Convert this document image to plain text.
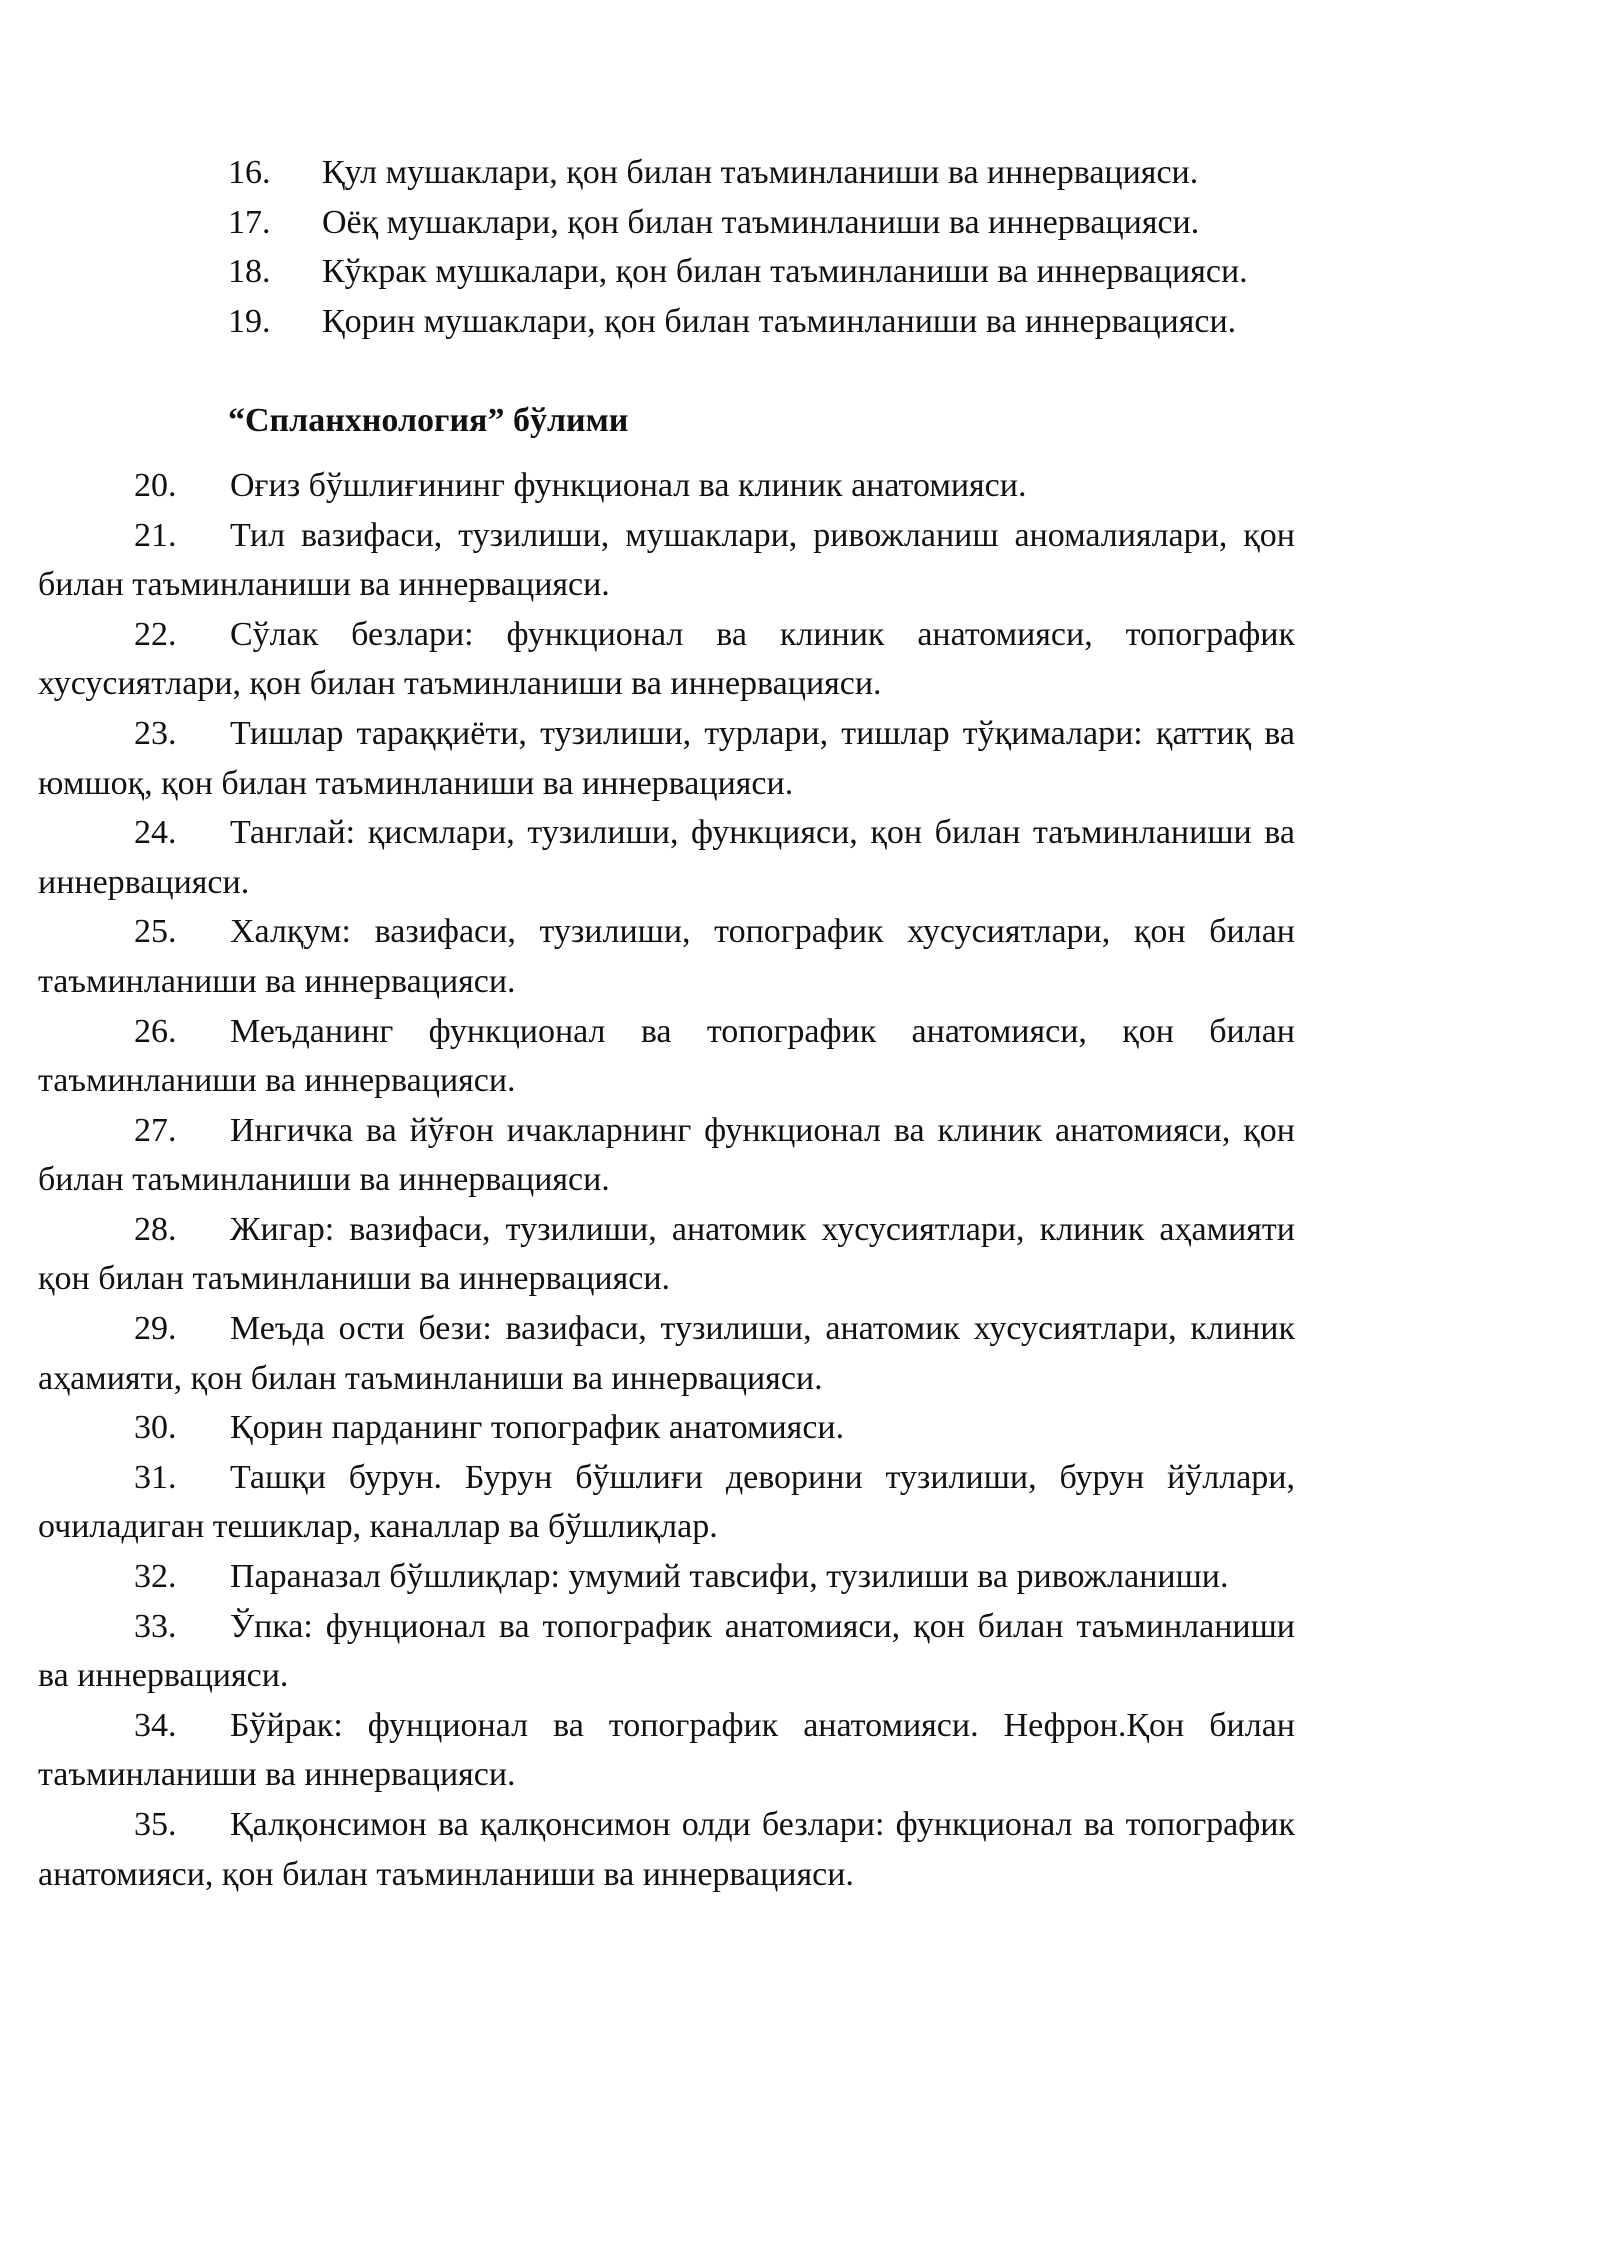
16. Қул мушаклари, қон билан таъминланиши ва иннервацияси.

17. Оёқ мушаклари, қон билан таъминланиши ва иннервацияси.

18. Кўкрак мушкалари, қон билан таъминланиши ва иннервацияси.

19. Қорин мушаклари, қон билан таъминланиши ва иннервацияси.

“Спланхнология” бўлими

20. Оғиз бўшлиғининг функционал ва клиник анатомияси.

21. Тил вазифаси, тузилиши, мушаклари, ривожланиш аномалиялари, қон билан таъминланиши ва иннервацияси.

22. Сўлак безлари: функционал ва клиник анатомияси, топографик хусусиятлари, қон билан таъминланиши ва иннервацияси.

23. Тишлар тараққиёти, тузилиши, турлари, тишлар тўқималари: қаттиқ ва юмшоқ, қон билан таъминланиши ва иннервацияси.

24. Танглай: қисмлари, тузилиши, функцияси, қон билан таъминланиши ва иннервацияси.

25. Халқум: вазифаси, тузилиши, топографик хусусиятлари, қон билан таъминланиши ва иннервацияси.

26. Меъданинг функционал ва топографик анатомияси, қон билан таъминланиши ва иннервацияси.

27. Ингичка ва йўғон ичакларнинг функционал ва клиник анатомияси, қон билан таъминланиши ва иннервацияси.

28. Жигар: вазифаси, тузилиши, анатомик хусусиятлари, клиник аҳамияти қон билан таъминланиши ва иннервацияси.

29. Меъда ости бези: вазифаси, тузилиши, анатомик хусусиятлари, клиник аҳамияти, қон билан таъминланиши ва иннервацияси.

30. Қорин парданинг топографик анатомияси.

31. Ташқи бурун. Бурун бўшлиғи деворини тузилиши, бурун йўллари, очиладиган тешиклар, каналлар ва бўшлиқлар.

32. Параназал бўшлиқлар: умумий тавсифи, тузилиши ва ривожланиши.

33. Ўпка: фунционал ва топографик анатомияси, қон билан таъминланиши ва иннервацияси.

34. Бўйрак: фунционал ва топографик анатомияси. Нефрон.Қон билан таъминланиши ва иннервацияси.

35. Қалқонсимон ва қалқонсимон олди безлари: функционал ва топографик анатомияси, қон билан таъминланиши ва иннервацияси.
